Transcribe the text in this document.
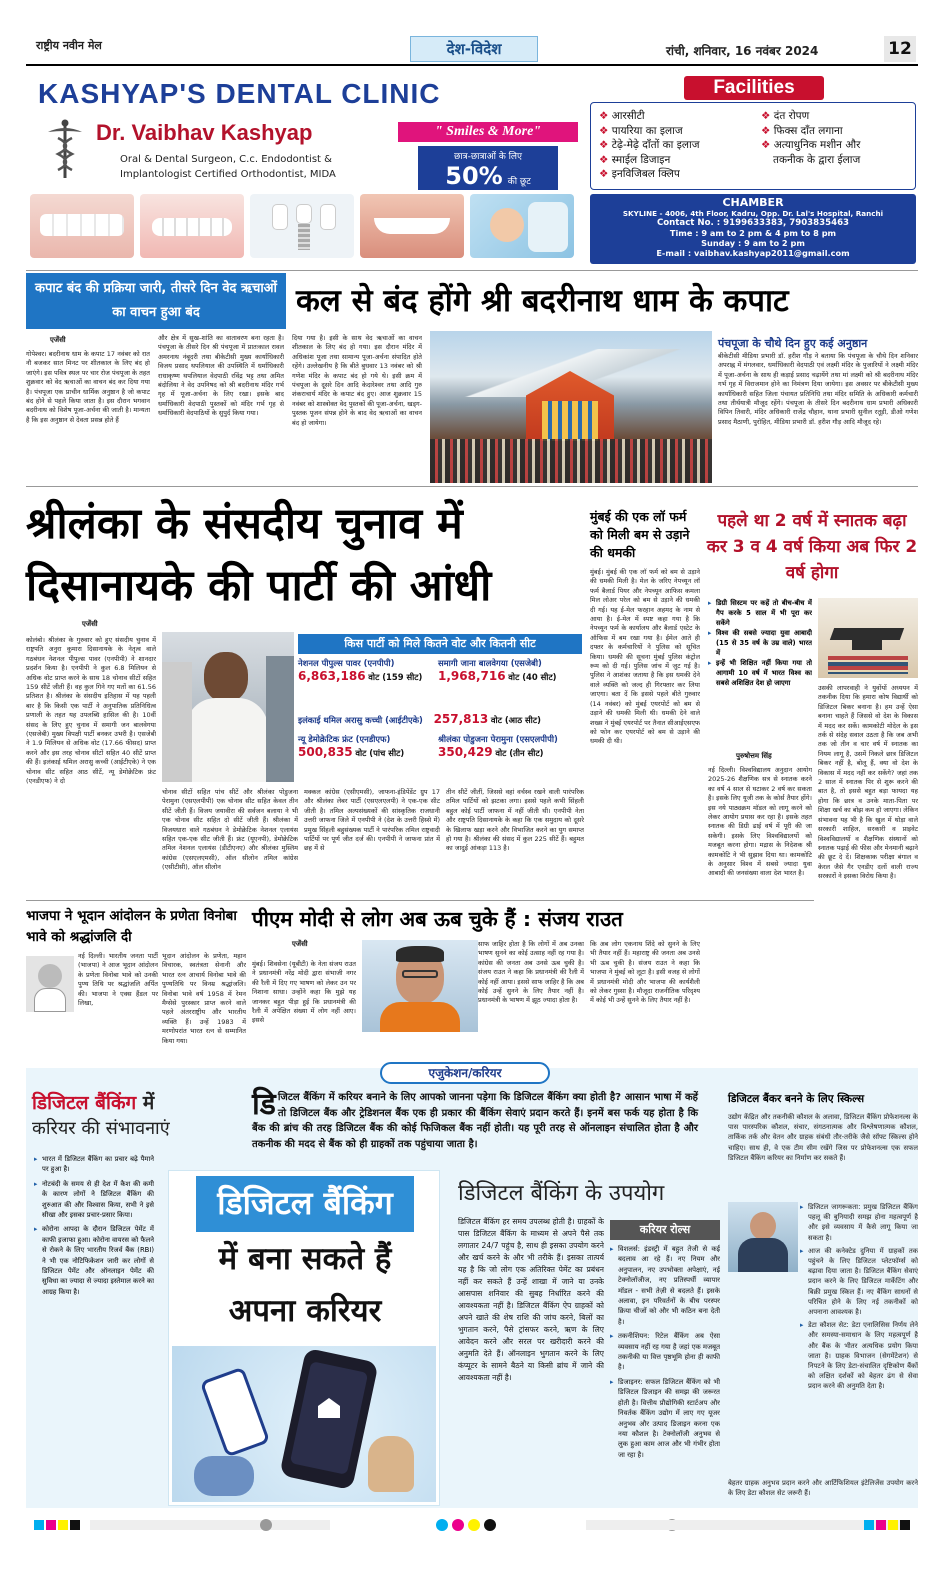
राष्ट्रीय नवीन मेल	देश-विदेश	रांची, शनिवार, 16 नवंबर 2024	12
KASHYAP'S DENTAL CLINIC
Dr. Vaibhav Kashyap	" Smiles & More"
Oral & Dental Surgeon, C.c. Endodontist &
Implantologist Certified Orthodontist, MIDA
छात्र-छात्राओं के लिए
50% की छूट
Facilities
❖ आरसीटी
❖ पायरिया का इलाज
❖ टेढ़े-मेढ़े दाँतों का इलाज
❖ स्माईल डिजाइन
❖ इनविजिबल क्लिप
❖ दंत रोपण
❖ फिक्स दाँत लगाना
❖ अत्याधुनिक मशीन और
तकनीक के द्वारा ईलाज
CHAMBER
SKYLINE - 4006, 4th Floor, Kadru, Opp. Dr. Lal's Hospital, Ranchi
Contact No. : 9199633383, 7903835463
Time : 9 am to 2 pm & 4 pm to 8 pm
Sunday : 9 am to 2 pm
E-mail : vaibhav.kashyap2011@gmail.com
कपाट बंद की प्रक्रिया जारी, तीसरे दिन वेद ऋचाओं का वाचन हुआ बंद	कल से बंद होंगे श्री बदरीनाथ धाम के कपाट
एजेंसी
गोपेश्वर। बदरीनाथ धाम के कपाट 17 नवंबर को रात नौ बजकर सात मिनट पर शीतकाल के लिए बंद हो जाएंगे। इस पवित्र स्थल पर चार रोज पंचपूजा के तहत शुक्रवार को वेद ऋचाओं का वाचन बंद कर दिया गया है। पंचपूजा एक प्राचीन धार्मिक अनुष्ठान है जो कपाट बंद होने से पहले किया जाता है। इस दौरान भगवान बदरीनाथ को विशेष पूजा-अर्चना की जाती है। मान्यता है कि इस अनुष्ठान से देवता प्रसन्न होते हैं
और क्षेत्र में सुख-शांति का वातावरण बना रहता है। पंचपूजा के तीसरे दिन श्री पंचपूजा में प्रातःकाल रावल अमरनाथ नंबूदरी तथा बीकेटीसी मुख्य कार्याधिकारी विजय प्रसाद थपलियाल की उपस्थिति में धर्माधिकारी राधाकृष्ण थपलियाल वेदपाठी रविंद्र भट्ट तथा अमित बंदोलिया ने वेद उपनिषद को श्री बदरीनाथ मंदिर गर्भ गृह में पूजा-अर्चना के लिए रखा। इसके बाद धर्माधिकारी वेदपाठी पुस्तकों को मंदिर गर्भ गृह से धर्माधिकारी वेदपाठियों के सुपुर्द किया गया।
दिया गया है। इसी के साथ वेद ऋचाओं का वाचन शीतकाल के लिए बंद हो गया। इस दौरान मंदिर में अधिकांश पूजा तथा सामान्य पूजा-अर्चना संपादित होते रहेंगे। उल्लेखनीय है कि बीते बुधवार 13 नवंबर को श्री गणेश मंदिर के कपाट बंद हो गये थे। इसी क्रम में पंचपूजा के दूसरे दिन आदि केदारेश्वर तथा आदि गुरु शंकराचार्य मंदिर के कपाट बंद हुए। आज शुक्रवार 15 नवंबर को शास्त्रोक्त वेद पुस्तकों की पूजा-अर्चना, खड्ग-पुस्तक पूजन संपन्न होने के बाद वेद ऋचाओं का वाचन बंद हो जायेगा।
पंचपूजा के चौथे दिन हुए कई अनुष्ठान
बीकेटीसी मीडिया प्रभारी डॉ. हरीश गौड़ ने बताया कि पंचपूजा के चौथे दिन शनिवार अपराह्न में मंगलवार, धर्माधिकारी वेदपाठी एवं लक्ष्मी मंदिर के पुजारियों ने लक्ष्मी मंदिर में पूजा-अर्चना के साथ ही कड़ाई प्रसाद चढ़ायेंगे तथा मां लक्ष्मी को श्री बदरीनाथ मंदिर गर्भ गृह में विराजमान होने का निमंत्रण दिया जायेगा। इस अवसर पर बीकेटीसी मुख्य कार्याधिकारी सहित जिला पंचायत प्रतिनिधि तथा मंदिर समिति के अधिकारी कर्मचारी तथा तीर्थयात्री मौजूद रहेंगे। पंचपूजा के तीसरे दिन बदरीनाथ धाम प्रभारी अधिकारी विपिन तिवारी, मंदिर अधिकारी राजेंद्र चौहान, थाना प्रभारी सुनील रतूड़ी, डीओ गणेश प्रसाद मैठाणी, पुरोहित, मीडिया प्रभारी डॉ. हरीश गौड़ आदि मौजूद रहे।
श्रीलंका के संसदीय चुनाव में
दिसानायके की पार्टी की आंधी
एजेंसी
कोलंबो। श्रीलंका के गुरुवार को हुए संसदीय चुनाव में राष्ट्रपति अनुरा कुमारा दिसानायके के नेतृत्व वाले गठबंधन नेशनल पीपुल्स पावर (एनपीपी) ने शानदार प्रदर्शन किया है। एनपीपी ने कुल 6.8 मिलियन से अधिक वोट प्राप्त करने के साथ 18 चोनाव सीटों सहित 159 सीटें जीती हैं। वह कुल गिने गए मतों का 61.56 प्रतिशत है। श्रीलंका के संसदीय इतिहास में यह पहली बार है कि किसी एक पार्टी ने अनुपातिक प्रतिनिधित्व प्रणाली के तहत यह उपलब्धि हासिल की है। 10वीं संसद के लिए हुए चुनाव में समागी जन बालवेगया (एसजेबी) मुख्य विपक्षी पार्टी बनकर उभरी है। एसजेबी ने 1.9 मिलियन से अधिक वोट (17.66 फीसद) प्राप्त करने और इस तरह चोनाव सीटों सहित 40 सीटें प्राप्त की हैं। इलंकाई थमिल अरासु कच्ची (आईटीएके) ने एक चोनाव सीट सहित आठ सीटें, न्यू डेमोक्रेटिक फ्रंट (एनडीएफ) ने दो
किस पार्टी को मिले कितने वोट और कितनी सीट
नेशनल पीपुल्स पावर (एनपीपी)
6,863,186 वोट (159 सीट)
समागी जाना बालवेगया (एसजेबी)
1,968,716 वोट (40 सीट)
इलंकाई थमिल अरासु कच्ची (आईटीएके) 257,813 वोट (आठ सीट)
न्यू डेमोक्रेटिक फ्रंट (एनडीएफ)
500,835 वोट (पांच सीट)
श्रीलंका पोडुजना पेरामुना (एसएलपीपी)
350,429 वोट (तीन सीट)
चोनाव सीटों सहित पांच सीटें और श्रीलंका पोडुजना पेरामुना (एसएलपीपी) एक चोनाव सीट सहित केवल तीन सीटें जीती हैं। विजय जयावीरा की सर्वजन बलाया ने भी एक चोनाव सीट सहित दो सीटें जीती हैं। श्रीलंका में विजयधारा वाले गठबंधन ने डेमोक्रेटिक नेशनल एलायंस सहित एक-एक सीट जीती हैं। फ्रंट (यूएनपी), डेमोक्रेटिक तमिल नेशनल एलायंस (डीटीएनए) और श्रीलंका मुस्लिम कांग्रेस (एसएलएमसी), ऑल सीलोन तमिल कांग्रेस (एसीटीसी), ऑल सीलोन
मक्कल कांग्रेस (एसीएमसी), जाफना-इंडिपेंडेंट ग्रुप 17 और श्रीलंका लेबर पार्टी (एसएलएलपी) ने एक-एक सीट जीती है। तमिल अल्पसंख्यकों की सांस्कृतिक राजधानी उत्तरी जाफना जिले में एनपीपी ने (देश के उत्तरी हिस्से में) प्रमुख सिंहली बहुसंख्यक पार्टी ने पारंपरिक तमिल राष्ट्रवादी पार्टियों पर पूर्ण जीत दर्ज की। एनपीपी ने जाफना प्रांत में छह में से
तीन सीटें जीतीं, जिससे वहां वर्चस्व रखने वाली पारंपरिक तमिल पार्टियों को झटका लगा। इससे पहले कभी सिंहली बहुल कोई पार्टी जाफना में नहीं जीती थी। एनपीपी नेता और राष्ट्रपति दिसानायके के कहा कि एक समुदाय को दूसरे के खिलाफ खड़ा करने और विभाजित करने का युग समाप्त हो गया है। श्रीलंका की संसद में कुल 225 सीटें हैं। बहुमत का जादुई आंकड़ा 113 है।
मुंबई की एक लॉ फर्म को मिली बम से उड़ाने की धमकी
मुंबई। मुंबई की एक लॉ फर्म को बम से उड़ाने की धमकी मिली है। मेल के जरिए नेपच्यून लॉ फर्म बैलार्ड पियर और नेपच्यून आफिस कमला मिल लोअर परेल को बम से उड़ाने की धमकी दी गई। यह ई-मेल फरहान अहमद के नाम से आया है। ई-मेल में स्पष्ट कहा गया है कि नेपच्यून फर्म के कार्यालय और बैलार्ड एस्टेट के ऑफिस में बम रखा गया है। ईमेल आते ही दफ्तर के कर्मचारियों ने पुलिस को सूचित किया। धमकी की सूचना मुंबई पुलिस कंट्रोल रूम को दी गई। पुलिस जांच में जुट गई है। पुलिस ने आशंका जताया है कि इस धमकी देने वाले व्यक्ति को जल्द ही गिरफ्तार कर लिया जाएगा। बता दें कि इससे पहले बीते गुरुवार (14 नवंबर) को मुंबई एयरपोर्ट को बम से उड़ाने की धमकी मिली थी। धमकी देने वाले शख्स ने मुंबई एयरपोर्ट पर तैनात सीआईएसएफ को फोन कर एयरपोर्ट को बम से उड़ाने की धमकी दी थी।
पहले था 2 वर्ष में स्नातक बढ़ा कर 3 व 4 वर्ष किया अब फिर 2 वर्ष होगा
▸ डिग्री सिस्टम पर कहें तो बीच-बीच में गैप करके 5 साल में भी पूरा कर सकेंगे
▸ विश्व की सबसे ज्यादा युवा आबादी (15 से 35 वर्ष के उम्र वाले) भारत में
▸ इन्हें भी शिक्षित नहीं किया गया तो आगामी 10 वर्ष में भारत विश्व का सबसे अशिक्षित देश हो जाएगा
पुरुषोत्तम सिंह
नई दिल्ली। विश्वविद्यालय अनुदान आयोग 2025-26 शैक्षणिक सत्र से स्नातक करने का वर्ष 4 साल से घटाकर 2 वर्ष कर सकता है। इसके लिए यूजी तक के कोर्स तैयार होंगे। इस नये पाठ्यक्रम मॉडल को लागू करने को लेकर आयोग प्रयास कर रहा है। इसके तहत स्नातक की डिग्री ढाई वर्ष में पूरी की जा सकेगी। इसके लिए विश्वविद्यालयों को मजबूत करना होगा। मद्रास के निदेशक श्री कामकोटि ने भी सुझाव दिया था। कामकोटि के अनुसार विश्व में सबसे ज्यादा युवा आबादी की जनसंख्या वाला देश भारत है।
उसकी लापरवाही ने युवोंयों अध्ययन में तकनीक दिया कि हमारा कोष विद्यार्थी को डिजिटल बिकर बनाना है। हम उन्हें ऐसा बनाना चाहते हैं जिससे वो देश के विकास में मदद कर सकें। कामकोटी मोदेल के इस तर्क से संदेह सवाल उठता है कि जब अभी तक जो तीन व चार वर्ष में स्नातक का नियम लागू है, उसमें निकले छात्र डिजिटल बिकर नहीं है, बोलू हैं, क्या वो देश के विकास में मदद नहीं कर सकेंगे? जहां तक 2 साल में स्नातक पिर से शुरू करने की बात है, तो इससे बहुत बड़ा फायदा यह होगा कि छात्र व उनके माता-पिता पर शिक्षा खर्च का बोझ कम हो जाएगा। लेकिन संभावना यह भी है कि खुल में थोड़ा वाले सरकारी शाहिल, सरकारी व प्राइवेट विश्वविद्यालयों व शैक्षणिक संस्थानों को स्नातक पढ़ाई की फीस और मेनमानी बढ़ाने की छूट दे दें। शिक्षकाक परीक्षा बंगाल व केरल जैसे गैर एनडीए दलों वाली राज्य सरकारों ने इसका विरोध किया है।
भाजपा ने भूदान आंदोलन के प्रणेता विनोबा भावे को श्रद्धांजलि दी
नई दिल्ली। भारतीय जनता पार्टी (भाजपा) ने आज भूदान आंदोलन के प्रणेता विनोबा भावे को उनकी पुण्य तिथि पर श्रद्धांजलि अर्पित की। भाजपा ने एक्स हैंडल पर लिखा,
भूदान आंदोलन के प्रणेता, महान विचारक, स्वतंत्रता सेनानी और भारत रत्न आचार्य विनोबा भावे की पुण्यतिथि पर विनम्र श्रद्धांजलि। विनोबा भावे वर्ष 1958 में रेमन मैग्सेसे पुरस्कार प्राप्त करने वाले पहले अंतरराष्ट्रीय और भारतीय व्यक्ति हैं। उन्हें 1983 में मरणोपरांत भारत रत्न से सम्मानित किया गया।
पीएम मोदी से लोग अब ऊब चुके हैं : संजय राउत
एजेंसी
मुंबई। शिवसेना (यूबीटी) के नेता संजय राउत ने प्रधानमंत्री नरेंद्र मोदी द्वारा संभाजी नगर की रैली में दिए गए भाषण को लेकर उन पर निशाना साधा। उन्होंने कहा कि मुझे यह जानकर बहुत पीड़ा हुई कि प्रधानमंत्री की रैली में अपेक्षित संख्या में लोग नहीं आए। इससे
साफ जाहिर होता है कि लोगों में अब उनका भाषण सुनने का कोई उत्साह नहीं रह गया है। कांग्रेस की जनता अब उनसे ऊब चुकी है। संजय राउत ने कहा कि प्रधानमंत्री की रैली में कोई नहीं आया। इससे साफ जाहिर है कि अब कोई उन्हें सुनने के लिए तैयार नहीं है। प्रधानमंत्री के भाषण में झूठ ज्यादा होता है।
कि अब लोग एकनाथ शिंदे को सुनने के लिए भी तैयार नहीं हैं। महाराष्ट्र की जनता अब उनसे भी ऊब चुकी है। संजय राउत ने कहा कि भाजपा ने मुंबई को लूटा है। इसी वजह से लोगों में प्रधानमंत्री मोदी और भाजपा की कार्यशैली को लेकर गुस्सा है। मौजूदा राजनीतिक परिदृश्य में कोई भी उन्हें सुनने के लिए तैयार नहीं है।
एजुकेशन/करियर
डिजिटल बैंकिंग में
करियर की संभावनाएं
▸ भारत में डिजिटल बैंकिंग का प्रचार बढ़े पैमाने पर हुआ है।
▸ नोटबंदी के समय से ही देश में कैश की कमी के कारण लोगों ने डिजिटल बैंकिंग की शुरुआत की और विश्वास किया, सभी ने इसे सीखा और इसका प्रचार-प्रसार किया।
▸ कोरोना आपदा के दौरान डिजिटल पेमेंट में काफी इजाफा हुआ। कोरोना वायरस को फैलने से रोकने के लिए भारतीय रिजर्व बैंक (RBI) ने भी एक नोटिफिकेशन जारी कर लोगों से डिजिटल पेमेंट और ऑनलाइन पेमेंट की सुविधा का ज्यादा से ज्यादा इस्तेमाल करने का आग्रह किया है।
डिजिटल बैंकिंग में करियर बनाने के लिए आपको जानना पड़ेगा कि डिजिटल बैंकिंग क्या होती है? आसान भाषा में कहें तो डिजिटल बैंक और ट्रेडिशनल बैंक एक ही प्रकार की बैंकिंग सेवाएं प्रदान करते हैं। इनमें बस फर्क यह होता है कि बैंक की ब्रांच की तरह डिजिटल बैंक की कोई फिजिकल बैंक नहीं होती। यह पूरी तरह से ऑनलाइन संचालित होता है और तकनीक की मदद से बैंक को ही ग्राहकों तक पहुंचाया जाता है।
डिजिटल बैंकिंग
में बना सकते हैं
अपना करियर
डिजिटल बैंकिंग के उपयोग
डिजिटल बैंकिंग हर समय उपलब्ध होती है। ग्राहकों के पास डिजिटल बैंकिंग के माध्यम से अपने पैसे तक लगातार 24/7 पहुंच है, साथ ही इसका उपयोग करने और खर्च करने के और भी तरीके हैं। इसका तात्पर्य यह है कि जो लोग एक अतिरिक्त पेमेंट का प्रबंधन नहीं कर सकते हैं उन्हें शाखा में जाने या उनके आसपास शनिवार की सुबह निर्धारित करने की आवश्यकता नहीं है। डिजिटल बैंकिंग ऐप ग्राहकों को अपने खाते की शेष राशि की जांच करने, बिलों का भुगतान करने, पैसे ट्रांसफर करने, ऋण के लिए आवेदन करने और सरल पर खरीदारी करने की अनुमति देते हैं। ऑनलाइन भुगतान करने के लिए कंप्यूटर के सामने बैठने या किसी ब्रांच में जाने की आवश्यकता नहीं है।
करियर रोल्स
▸ विशलर्स: इंडस्ट्री में बहुत तेजी से कई बदलाव आ रहे हैं। नए नियम और अनुपालन, नए उपभोक्ता अपेक्षाएं, नई टेक्नोलॉजीज, नए प्रतिस्पर्धी व्यापार मॉडल - सभी तेज़ी से बदलते हैं। इसके अलावा, इन परिवर्तनों के बीच परस्पर क्रिया चीजों को और भी कठिन बना देती है।
▸ तकनीशियन: रिटेल बैंकिंग अब ऐसा व्यवसाय नहीं रह गया है जहां एक मजबूत तकनीकी या वित्त पृष्ठभूमि होना ही काफी है।
▸ डिजाइनर: सफल डिजिटल बैंकिंग को भी डिजिटल डिजाइन की समझ की जरूरत होती है। वित्तीय प्रौद्योगिकी स्टार्टअप और निवर्तक बैंकिंग उद्योग में लाए गए यूजर अनुभव और उत्पाद डिजाइन करना एक नया कौशल है। टेक्नोलॉजी अनुभव से लुक हुआ काम आज और भी गंभीर होता जा रहा है।
डिजिटल बैंकर बनने के लिए स्किल्स
उद्योग केंद्रित और तकनीकी कौशल के अलावा, डिजिटल बैंकिंग प्रोफेशनल्स के पास पारस्परिक कौशल, संचार, संगठनात्मक और विश्लेषणात्मक कौशल, तार्किक तर्क और वेतन और ग्राहक संबंधी तौर-तरीके जैसे सॉफ्ट स्किल्स होने चाहिए। साथ ही, वे एक टीम सीम रखेंगे जिस पर प्रोफेशनल्स एक सफल डिजिटल बैंकिंग करियर का निर्माण कर सकते हैं।
▸ डिजिटल जागरूकता: प्रमुख डिजिटल बैंकिंग पहलू की बुनियादी समझ होना महत्वपूर्ण है और इसे व्यवसाय में कैसे लागू किया जा सकता है।
▸ आज की कनेक्टेड दुनिया में ग्राहकों तक पहुंचने के लिए डिजिटल प्लेटफॉर्म्स को बढ़ावा दिया जाता है। डिजिटल बैंकिंग सेवाएं प्रदान करने के लिए डिजिटल मार्केटिंग और बिक्री प्रमुख स्किल हैं। नए बैंकिंग साधनों से परिचित होने के लिए नई तकनीकों को अपनाना आवश्यक है।
▸ डेटा कौशल सेट: डेटा एनालिसिस निर्णय लेने और समस्या-समाधान के लिए महत्वपूर्ण है और बैंक के भीतर अत्यधिक प्रयोग किया जाता है। ग्राहक विभाजन (सेगमेंटेशन) से निपटने के लिए डेटा-संचालित दृष्टिकोण बैंकों को लक्षित दर्शकों को बेहतर ढंग से सेवा प्रदान करने की अनुमति देता है।
बेहतर ग्राहक अनुभव प्रदान करने और आर्टिफिशियल इंटेलिजेंस उपयोग करने के लिए डेटा कौशल सेट जरूरी हैं।
